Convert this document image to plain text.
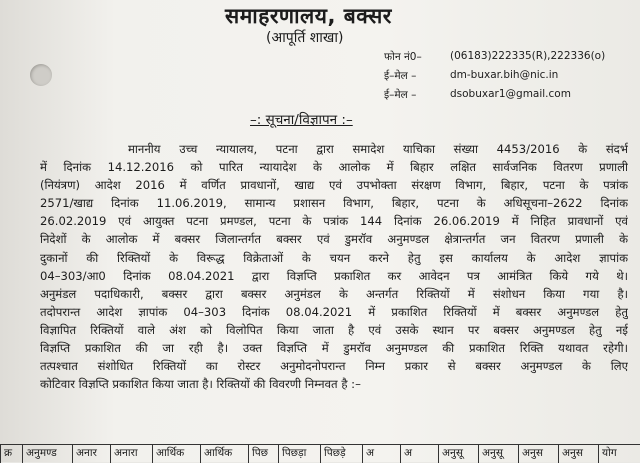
समाहरणालय, बक्सर
(आपूर्ति शाखा)
फोन नं0–	(06183)222335(R),222336(o)
ई–मेल –	dm-buxar.bih@nic.in
ई–मेल –	dsobuxar1@gmail.com
–: सूचना/विज्ञापन :–
माननीय उच्च न्यायालय, पटना द्वारा समादेश याचिका संख्या 4453/2016 के संदर्भ
में दिनांक 14.12.2016 को पारित न्यायादेश के आलोक में बिहार लक्षित सार्वजनिक वितरण प्रणाली
(नियंत्रण) आदेश 2016 में वर्णित प्रावधानों, खाद्य एवं उपभोक्ता संरक्षण विभाग, बिहार, पटना के पत्रांक
2571/खाद्य दिनांक 11.06.2019, सामान्य प्रशासन विभाग, बिहार, पटना के अधिसूचना–2622 दिनांक
26.02.2019 एवं आयुक्त पटना प्रमण्डल, पटना के पत्रांक 144 दिनांक 26.06.2019 में निहित प्रावधानों एवं
निदेशों के आलोक में बक्सर जिलान्तर्गत बक्सर एवं डुमरॉव अनुमण्डल क्षेत्रान्तर्गत जन वितरण प्रणाली के
दुकानों की रिक्तियों के विरूद्ध विक्रेताओं के चयन करने हेतु इस कार्यालय के आदेश ज्ञापांक
04–303/आ0 दिनांक 08.04.2021 द्वारा विज्ञप्ति प्रकाशित कर आवेदन पत्र आमंत्रित किये गये थे।
अनुमंडल पदाधिकारी, बक्सर द्वारा बक्सर अनुमंडल के अन्तर्गत रिक्तियों में संशोधन किया गया है।
तदोपरान्त आदेश ज्ञापांक 04–303 दिनांक 08.04.2021 में प्रकाशित रिक्तियों में बक्सर अनुमण्डल हेतु
विज्ञापित रिक्तियों वाले अंश को विलोपित किया जाता है एवं उसके स्थान पर बक्सर अनुमण्डल हेतु नई
विज्ञप्ति प्रकाशित की जा रही है। उक्त विज्ञप्ति में डुमरॉव अनुमण्डल की प्रकाशित रिक्ति यथावत रहेगी।
तत्पश्चात संशोधित रिक्तियों का रोस्टर अनुमोदनोपरान्त निम्न प्रकार से बक्सर अनुमण्डल के लिए
कोटिवार विज्ञप्ति प्रकाशित किया जाता है। रिक्तियों की विवरणी निम्नवत है :–
क्र	अनुमण्ड	अनार	अनारा	आर्थिक	आर्थिक	पिछ	पिछड़ा	पिछड़े	अ	अ	अनुसू	अनुसू	अनुस	अनुस	योग
